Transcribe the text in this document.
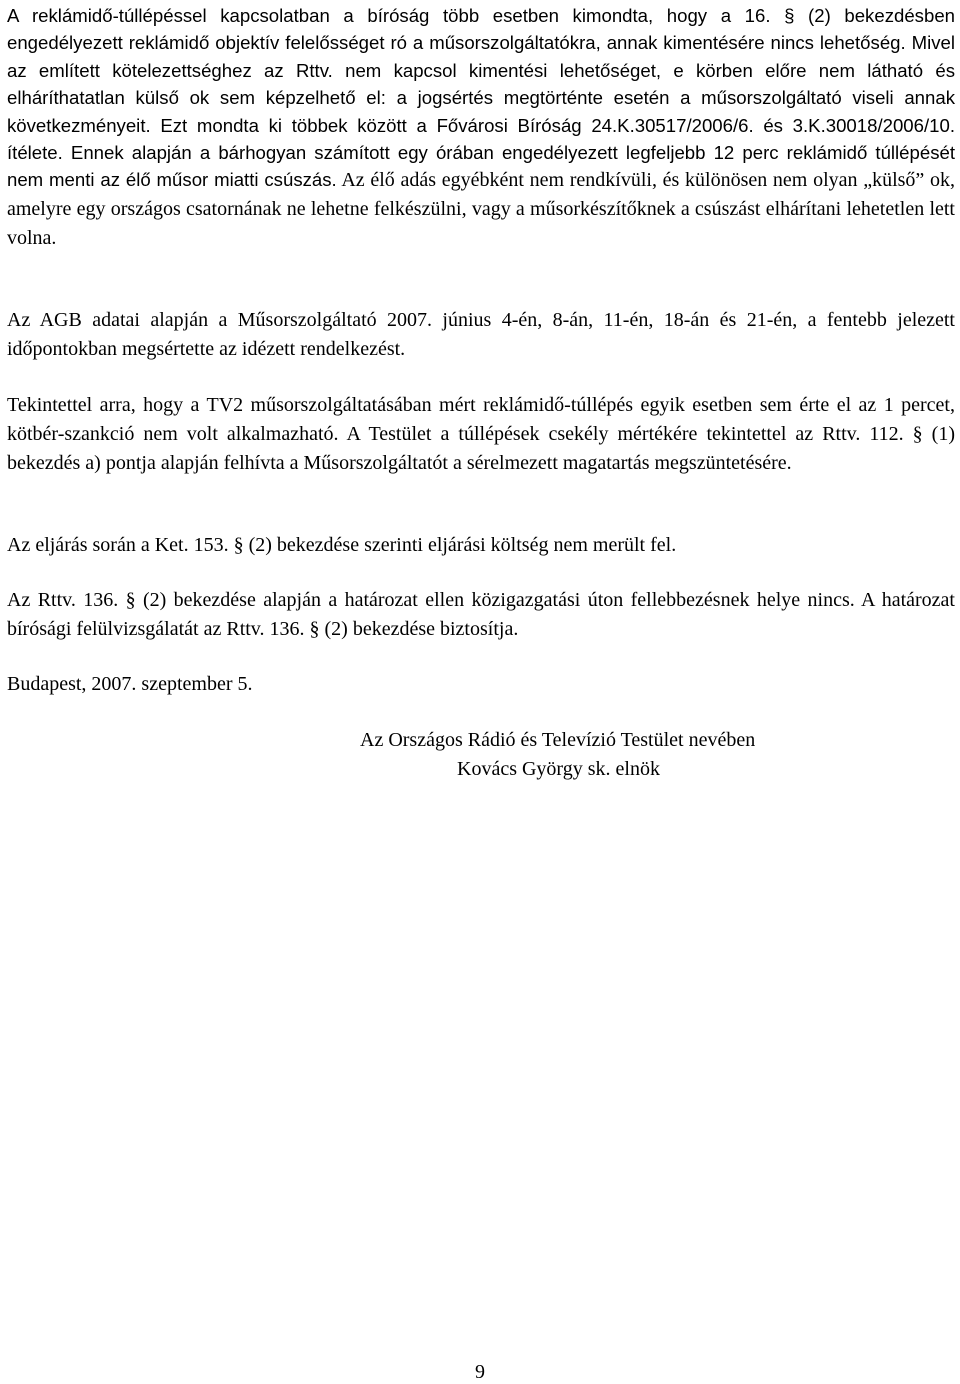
A reklámidő-túllépéssel kapcsolatban a bíróság több esetben kimondta, hogy a 16. § (2) bekezdésben engedélyezett reklámidő objektív felelősséget ró a műsorszolgáltatókra, annak kimentésére nincs lehetőség. Mivel az említett kötelezettséghez az Rttv. nem kapcsol kimentési lehetőséget, e körben előre nem látható és elháríthatatlan külső ok sem képzelhető el: a jogsértés megtörténte esetén a műsorszolgáltató viseli annak következményeit. Ezt mondta ki többek között a Fővárosi Bíróság 24.K.30517/2006/6. és 3.K.30018/2006/10. ítélete. Ennek alapján a bárhogyan számított egy órában engedélyezett legfeljebb 12 perc reklámidő túllépését nem menti az élő műsor miatti csúszás. Az élő adás egyébként nem rendkívüli, és különösen nem olyan „külső” ok, amelyre egy országos csatornának ne lehetne felkészülni, vagy a műsorkészítőknek a csúszást elhárítani lehetetlen lett volna.

Az AGB adatai alapján a Műsorszolgáltató 2007. június 4-én, 8-án, 11-én, 18-án és 21-én, a fentebb jelezett időpontokban megsértette az idézett rendelkezést.

Tekintettel arra, hogy a TV2 műsorszolgáltatásában mért reklámidő-túllépés egyik esetben sem érte el az 1 percet, kötbér-szankció nem volt alkalmazható. A Testület a túllépések csekély mértékére tekintettel az Rttv. 112. § (1) bekezdés a) pontja alapján felhívta a Műsorszolgáltatót a sérelmezett magatartás megszüntetésére.

Az eljárás során a Ket. 153. § (2) bekezdése szerinti eljárási költség nem merült fel.

Az Rttv. 136. § (2) bekezdése alapján a határozat ellen közigazgatási úton fellebbezésnek helye nincs. A határozat bírósági felülvizsgálatát az Rttv. 136. § (2) bekezdése biztosítja.

Budapest, 2007. szeptember 5.

Az Országos Rádió és Televízió Testület nevében
Kovács György sk. elnök
9
